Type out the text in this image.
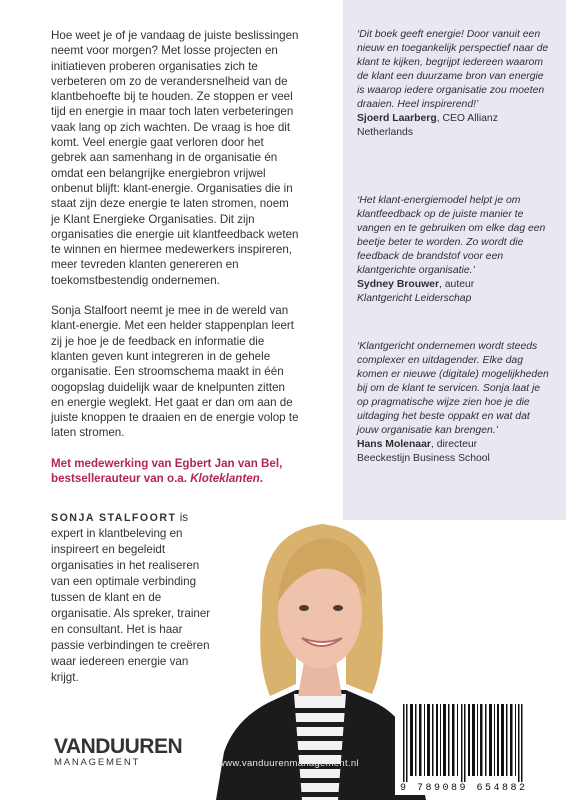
Hoe weet je of je vandaag de juiste beslissingen neemt voor morgen? Met losse projecten en initiatieven proberen organisaties zich te verbeteren om zo de verandersnelheid van de klantbehoefte bij te houden. Ze stoppen er veel tijd en energie in maar toch laten verbeteringen vaak lang op zich wachten. De vraag is hoe dit komt. Veel energie gaat verloren door het gebrek aan samenhang in de organisatie én omdat een belangrijke energiebron vrijwel onbenut blijft: klant-energie. Organisaties die in staat zijn deze energie te laten stromen, noem je Klant Energieke Organisaties. Dit zijn organisaties die energie uit klantfeedback weten te winnen en hiermee medewerkers inspireren, meer tevreden klanten genereren en toekomstbestendig ondernemen.

Sonja Stalfoort neemt je mee in de wereld van klant-energie. Met een helder stappenplan leert zij je hoe je de feedback en informatie die klanten geven kunt integreren in de gehele organisatie. Een stroomschema maakt in één oogopslag duidelijk waar de knelpunten zitten en energie weglekt. Het gaat er dan om aan de juiste knoppen te draaien en de energie volop te laten stromen.

Met medewerking van Egbert Jan van Bel,
bestsellerauteur van o.a. Kloteklanten.

‘Dit boek geeft energie! Door vanuit een nieuw en toegankelijk perspectief naar de klant te kijken, begrijpt iedereen waarom de klant een duurzame bron van energie is waarop iedere organisatie zou moeten draaien. Heel inspirerend!’

Sjoerd Laarberg, CEO Allianz Netherlands

‘Het klant-energiemodel helpt je om klantfeedback op de juiste manier te vangen en te gebruiken om elke dag een beetje beter te worden. Zo wordt die feedback de brandstof voor een klantgerichte organisatie.’

Sydney Brouwer, auteur
Klantgericht Leiderschap

‘Klantgericht ondernemen wordt steeds complexer en uitdagender. Elke dag komen er nieuwe (digitale) mogelijkheden bij om de klant te servicen. Sonja laat je op pragmatische wijze zien hoe je die uitdaging het beste oppakt en wat dat jouw organisatie kan brengen.’

Hans Molenaar, directeur
Beeckestijn Business School

SONJA STALFOORT is expert in klantbeleving en inspireert en begeleidt organisaties in het realiseren van een optimale verbinding tussen de klant en de organisatie. Als spreker, trainer en consultant. Het is haar passie verbindingen te creëren waar iedereen energie van krijgt.
VANDUUREN
MANAGEMENT	www.vanduurenmanagement.nl
9 789089 654882
